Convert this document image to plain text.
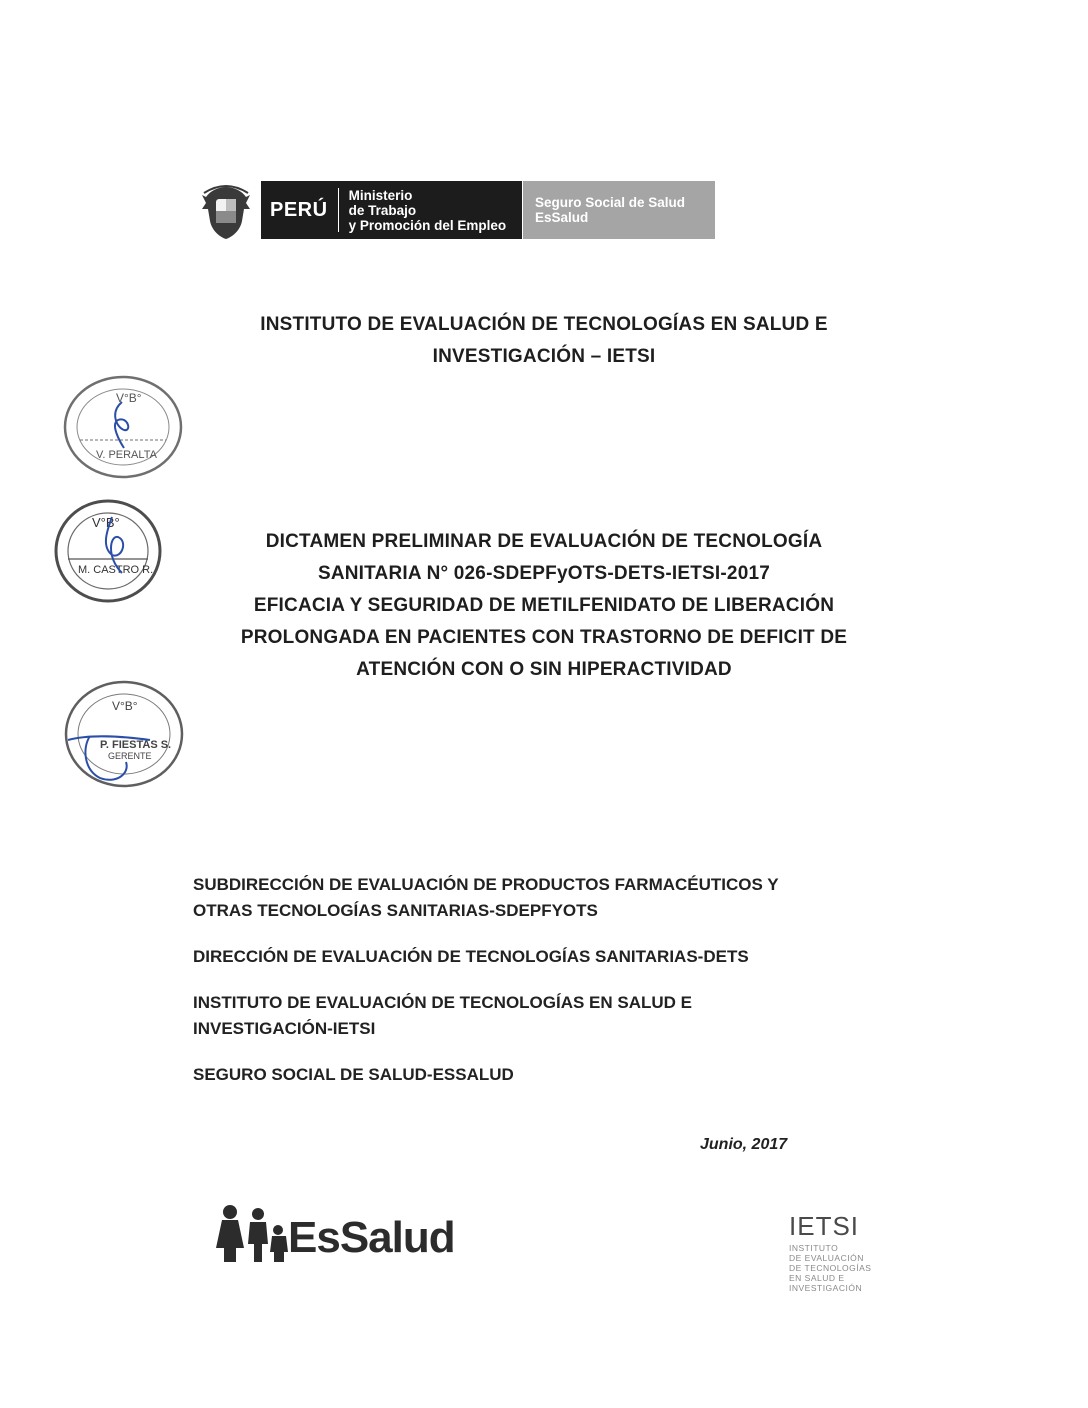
PERÚ
Ministerio
de Trabajo
y Promoción del Empleo
Seguro Social de Salud
EsSalud
INSTITUTO DE EVALUACIÓN DE TECNOLOGÍAS EN SALUD E
INVESTIGACIÓN – IETSI
DICTAMEN PRELIMINAR DE EVALUACIÓN DE TECNOLOGÍA
SANITARIA N° 026-SDEPFyOTS-DETS-IETSI-2017
EFICACIA Y SEGURIDAD DE METILFENIDATO DE LIBERACIÓN
PROLONGADA EN PACIENTES CON TRASTORNO DE DEFICIT DE
ATENCIÓN CON O SIN HIPERACTIVIDAD
V°B°
V. PERALTA
V°B°
M. CASTRO R.
V°B°
P. FIESTAS S.
GERENTE
SUBDIRECCIÓN DE EVALUACIÓN DE PRODUCTOS FARMACÉUTICOS Y
OTRAS TECNOLOGÍAS SANITARIAS-SDEPFYOTS
DIRECCIÓN DE EVALUACIÓN DE TECNOLOGÍAS SANITARIAS-DETS
INSTITUTO DE EVALUACIÓN DE TECNOLOGÍAS EN SALUD E
INVESTIGACIÓN-IETSI
SEGURO SOCIAL DE SALUD-ESSALUD
Junio, 2017
EsSalud	IETSI
INSTITUTO
DE EVALUACIÓN
DE TECNOLOGÍAS
EN SALUD E
INVESTIGACIÓN
